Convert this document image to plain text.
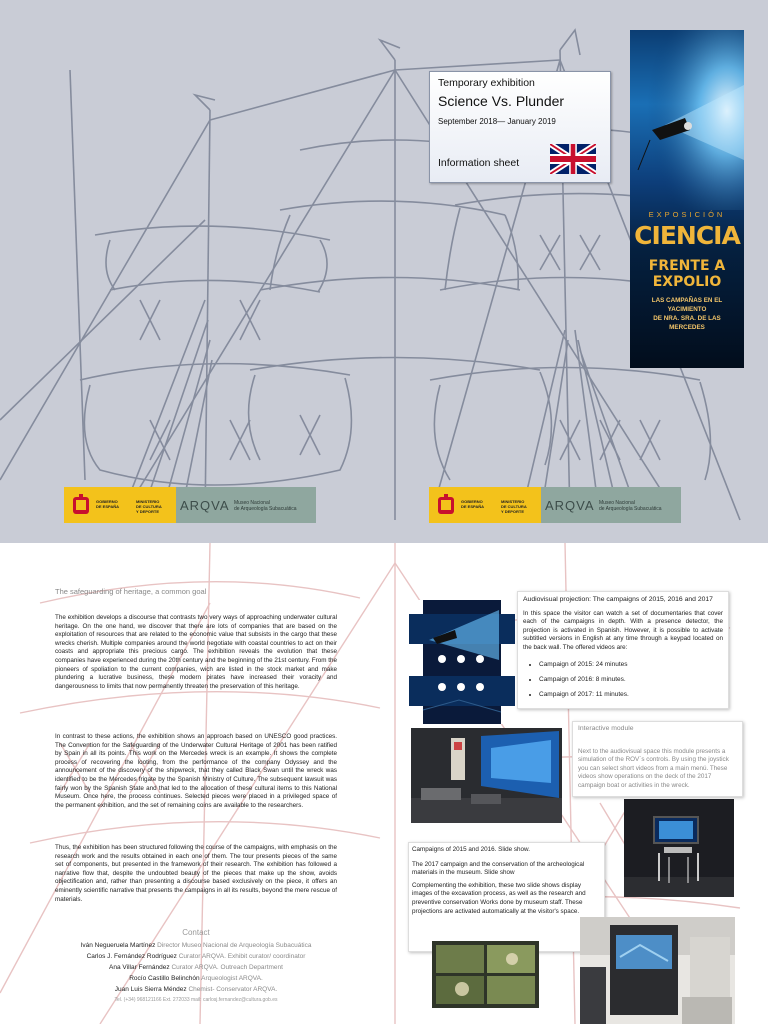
Temporary exhibition
Science Vs. Plunder
September 2018— January 2019
Information sheet
EXPOSICIÓN
CIENCIA
FRENTE A EXPOLIO
LAS CAMPAÑAS EN EL YACIMIENTO
DE NRA. SRA. DE LAS MERCEDES
GOBIERNO
DE ESPAÑA
MINISTERIO
DE CULTURA
Y DEPORTE ARQVA Museo Nacional
de Arqueología Subacuática
GOBIERNO
DE ESPAÑA
MINISTERIO
DE CULTURA
Y DEPORTE ARQVA Museo Nacional
de Arqueología Subacuática
The safeguarding of heritage, a common goal
The exhibition develops a discourse that contrasts two very ways of approaching underwater cultural heritage. On the one hand, we discover that there are lots of companies that are based on the exploitation of resources that are related to the economic value that subsists in the cargo that these wrecks cherish. Multiple companies around the world negotiate with coastal countries to act on their coasts and appropriate this precious cargo. The exhibition reveals the evolution that these companies have experienced during the 20th century and the beginning of the 21st century. From the pioneers of spoliation to the current companies, wich are listed in the stock market and make plundering a lucrative business, these modern pirates have increased their voracity and dangerousness to limits that now permanently threaten the preservation of this heritage.
In contrast to these actions, the exhibition shows an approach based on UNESCO good practices. The Convention for the Safeguarding of the Underwater Cultural Heritage of 2001 has been ratified by Spain in all its points. This work on the Mercedes wreck is an example. It shows the complete process of recovering the looting, from the performance of the company Odyssey and the announcement of the discovery of the shipwreck, that they called Black Swan until the wreck was identified to be the Mercedes frigate by the Spanish Ministry of Culture. The subsequent lawsuit was fairly won by the Spanish State and that led to the allocation of these cultural items to this National Museum. Once here, the process continues. Selected pieces were placed in a privileged space of the permanent exhibition, and the set of remaining coins are available to the researchers.
Thus, the exhibition has been structured following the course of the campaigns, with emphasis on the research work and the results obtained in each one of them. The tour presents pieces of the same set of components, but presented in the framework of their research. The exhibition has followed a narrative flow that, despite the undoubted beauty of the pieces that make up the show, avoids objectification and, rather than presenting a discourse based exclusively on the piece, it offers an eminently scientific narrative that presents the campaigns in all its results, beyond the mere rescue of materials.
Contact
Iván Negueruela Martínez Director Museo Nacional de Arqueología Subacuática
Carlos J. Fernández Rodríguez Curator ARQVA. Exhibit curator/ coordinator
Ana Villar Fernández Curator ARQVA. Outreach Department
Rocío Castillo Belinchón Arqueologist ARQVA.
Juan Luis Sierra Méndez Chemist- Conservator ARQVA.
Tel. (+34) 968121166 Ext. 272033 mail: carlosj.fernandez@cultura.gob.es
Audiovisual projection: The campaigns of 2015, 2016 and 2017
In this space the visitor can watch a set of documentaries that cover each of the campaigns in depth. With a presence detector, the projection is activated in Spanish. However, it is possible to activate subtitled versions in English at any time through a keypad located on the back wall. The offered videos are:
• Campaign of 2015: 24 minutes
• Campaign of 2016: 8 minutes.
• Campaign of 2017: 11 minutes.
Interactive module
Next to the audiovisual space this module presents a simulation of the ROV´s controls. By using the joystick you can select short videos from a main menú. These videos show operations on the deck of the 2017 campaign boat or activities in the wreck.
Campaigns of 2015 and 2016. Slide show.
The 2017 campaign and the conservation of the archeological materials in the museum. Slide show
Complementing the exhibition, these two slide shows display images of the excavation process, as well as the research and preventive conservation Works done by museum staff. These projections are activated automatically at the visitor's space.
